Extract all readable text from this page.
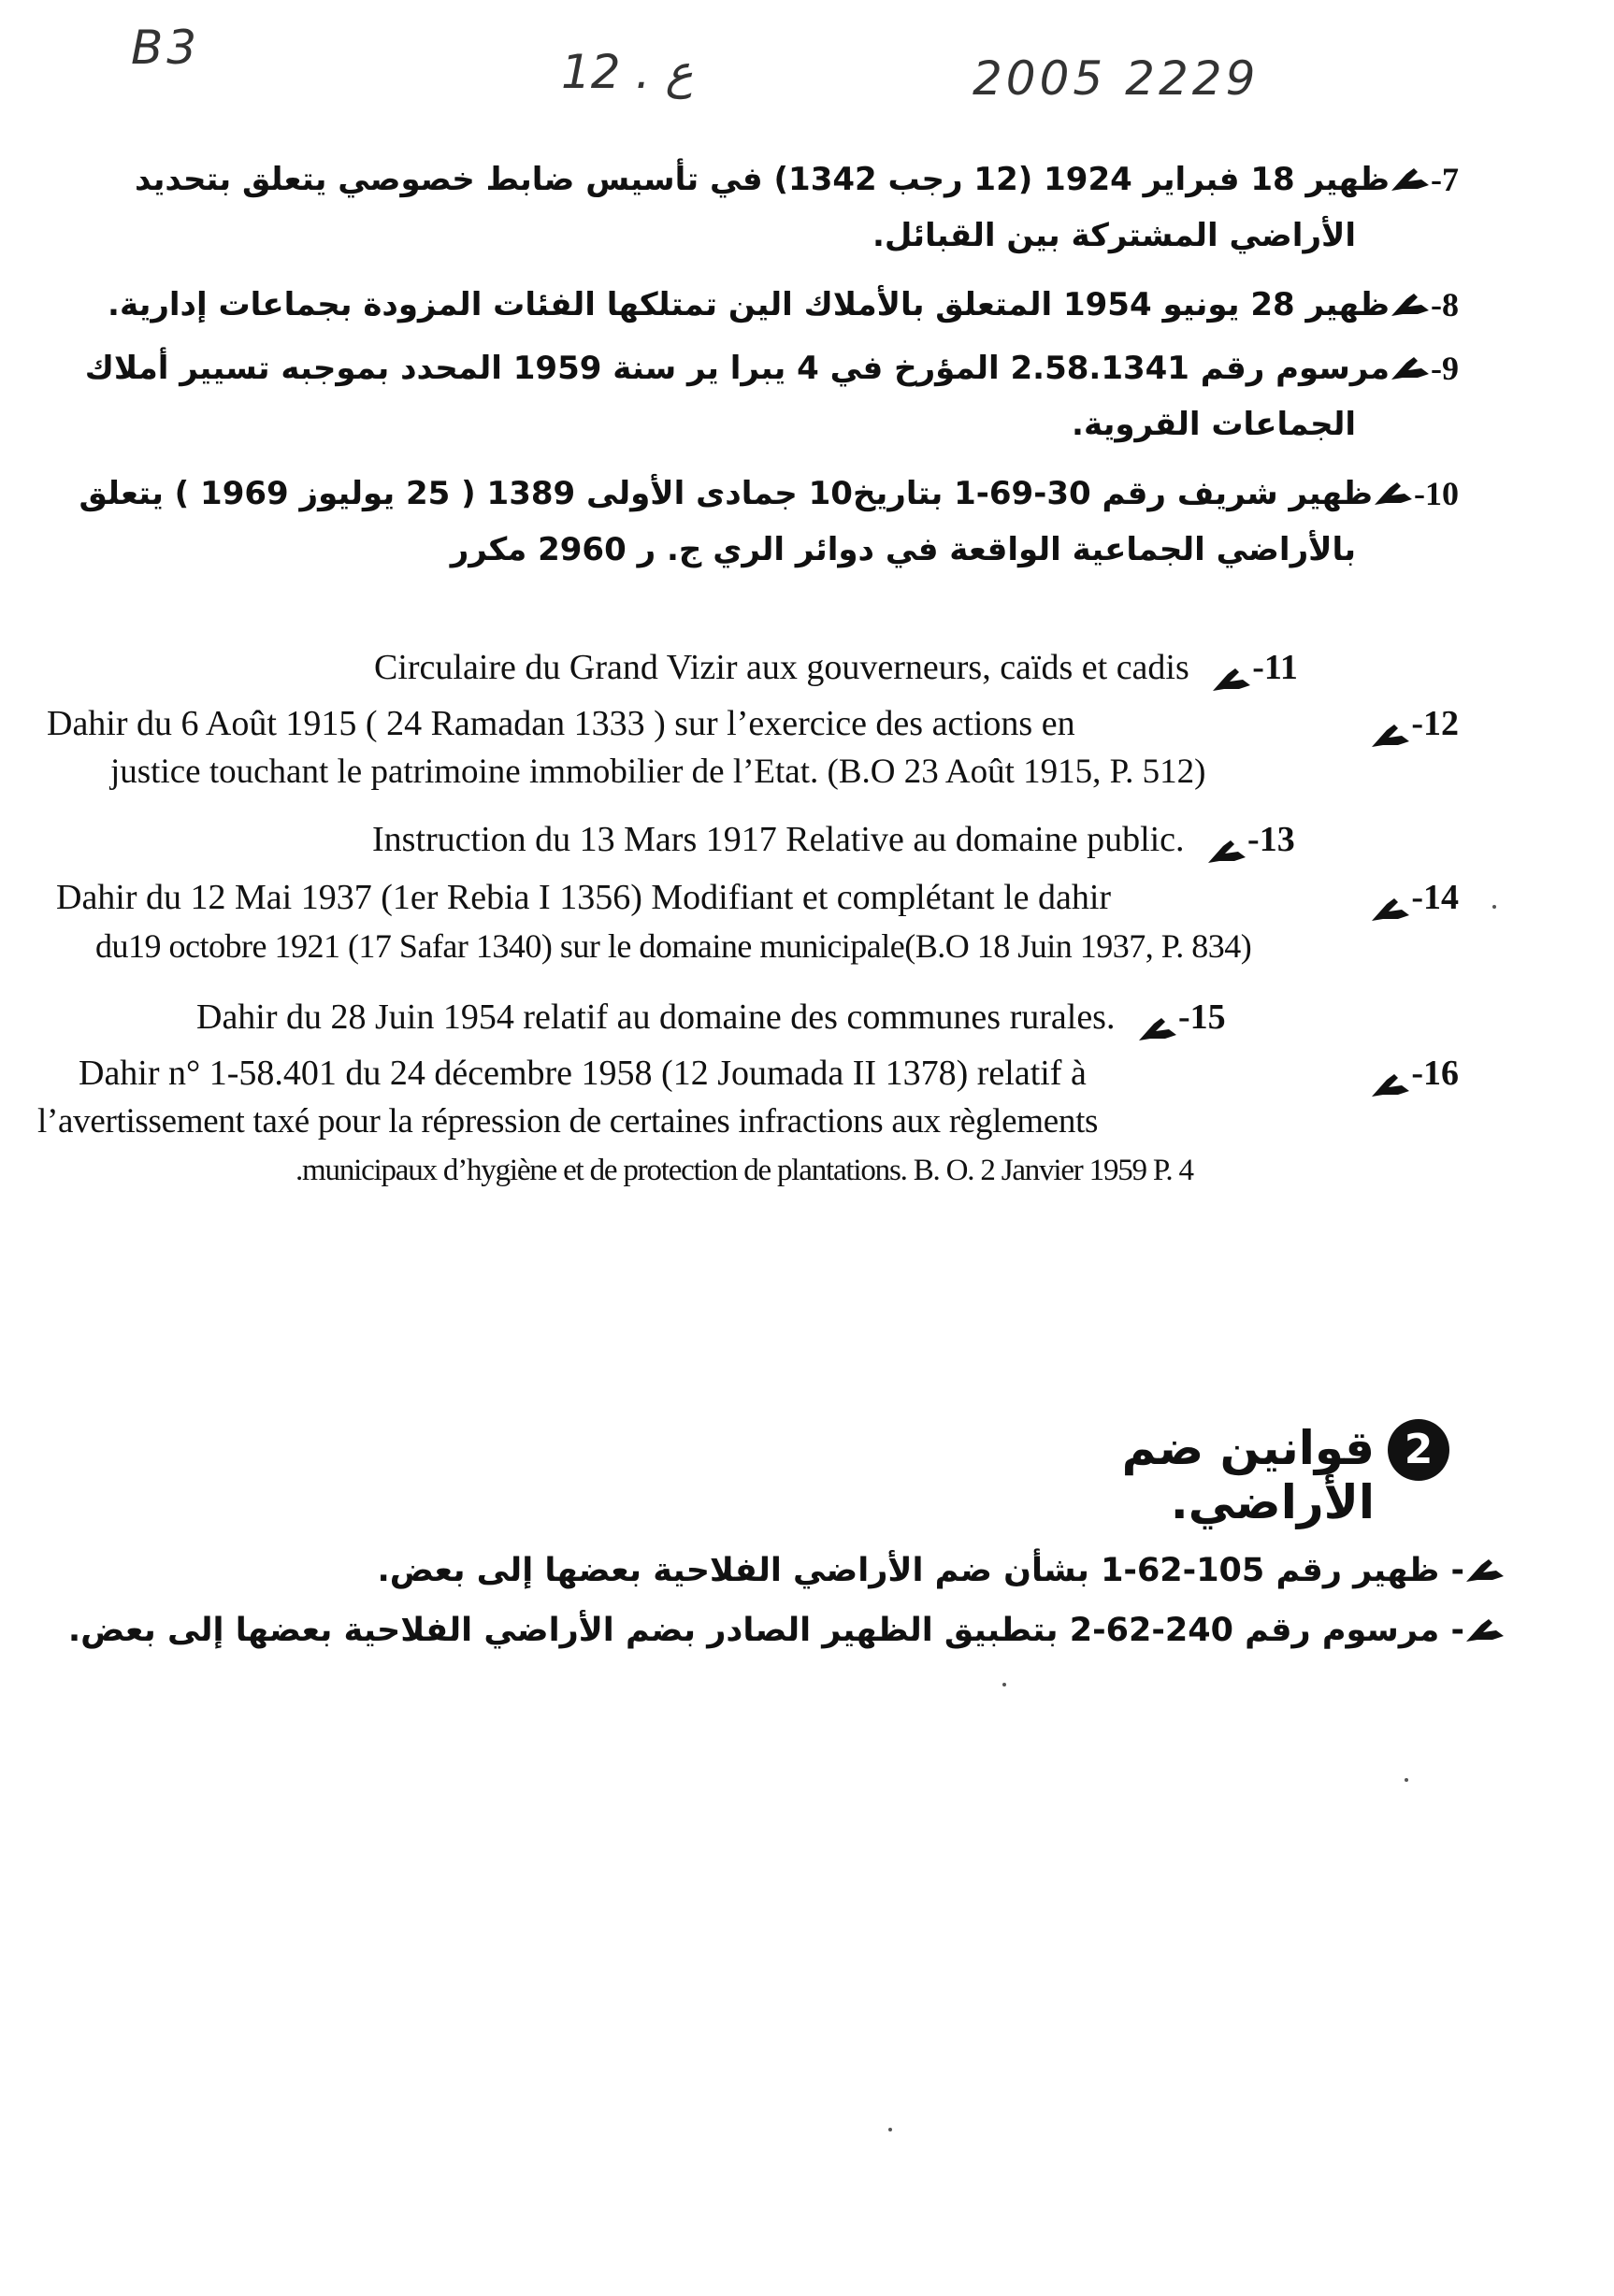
B3	12 . ع	2005 2229
-7
ظهير 18 فبراير 1924 (12 رجب 1342) في تأسيس ضابط خصوصي يتعلق بتحديد
الأراضي المشتركة بين القبائل.
-8
ظهير 28 يونيو 1954 المتعلق بالأملاك الين تمتلكها الفئات المزودة بجماعات إدارية.
-9
مرسوم رقم 2.58.1341 المؤرخ في 4 يبرا ير سنة 1959 المحدد بموجبه تسيير أملاك
الجماعات القروية.
-10
ظهير شريف رقم 30-69-1 بتاريخ10 جمادى الأولى 1389 ( 25 يوليوز 1969 ) يتعلق
بالأراضي الجماعية الواقعة في دوائر الري ج. ر 2960 مكرر
Circulaire du Grand Vizir aux gouverneurs, caïds et cadis -11
Dahir du 6 Août 1915 ( 24 Ramadan 1333 ) sur l’exercice des actions en	-12
justice touchant le patrimoine immobilier de l’Etat. (B.O 23 Août 1915, P. 512)
Instruction du 13 Mars 1917 Relative au domaine public. -13
Dahir du 12 Mai 1937 (1er Rebia I 1356) Modifiant et complétant le dahir	-14
du19 octobre 1921 (17 Safar 1340) sur le domaine municipale(B.O 18 Juin 1937, P. 834)
Dahir du 28 Juin 1954 relatif au domaine des communes rurales. -15
Dahir n° 1-58.401 du 24 décembre 1958 (12 Joumada II 1378) relatif à	-16
l’avertissement taxé pour la répression de certaines infractions aux règlements
.municipaux d’hygiène et de protection de plantations. B. O. 2 Janvier 1959 P. 4
2
قوانين ضم الأراضي.
- ظهير رقم 105-62-1 بشأن ضم الأراضي الفلاحية بعضها إلى بعض.
- مرسوم رقم 240-62-2 بتطبيق الظهير الصادر بضم الأراضي الفلاحية بعضها إلى بعض.
